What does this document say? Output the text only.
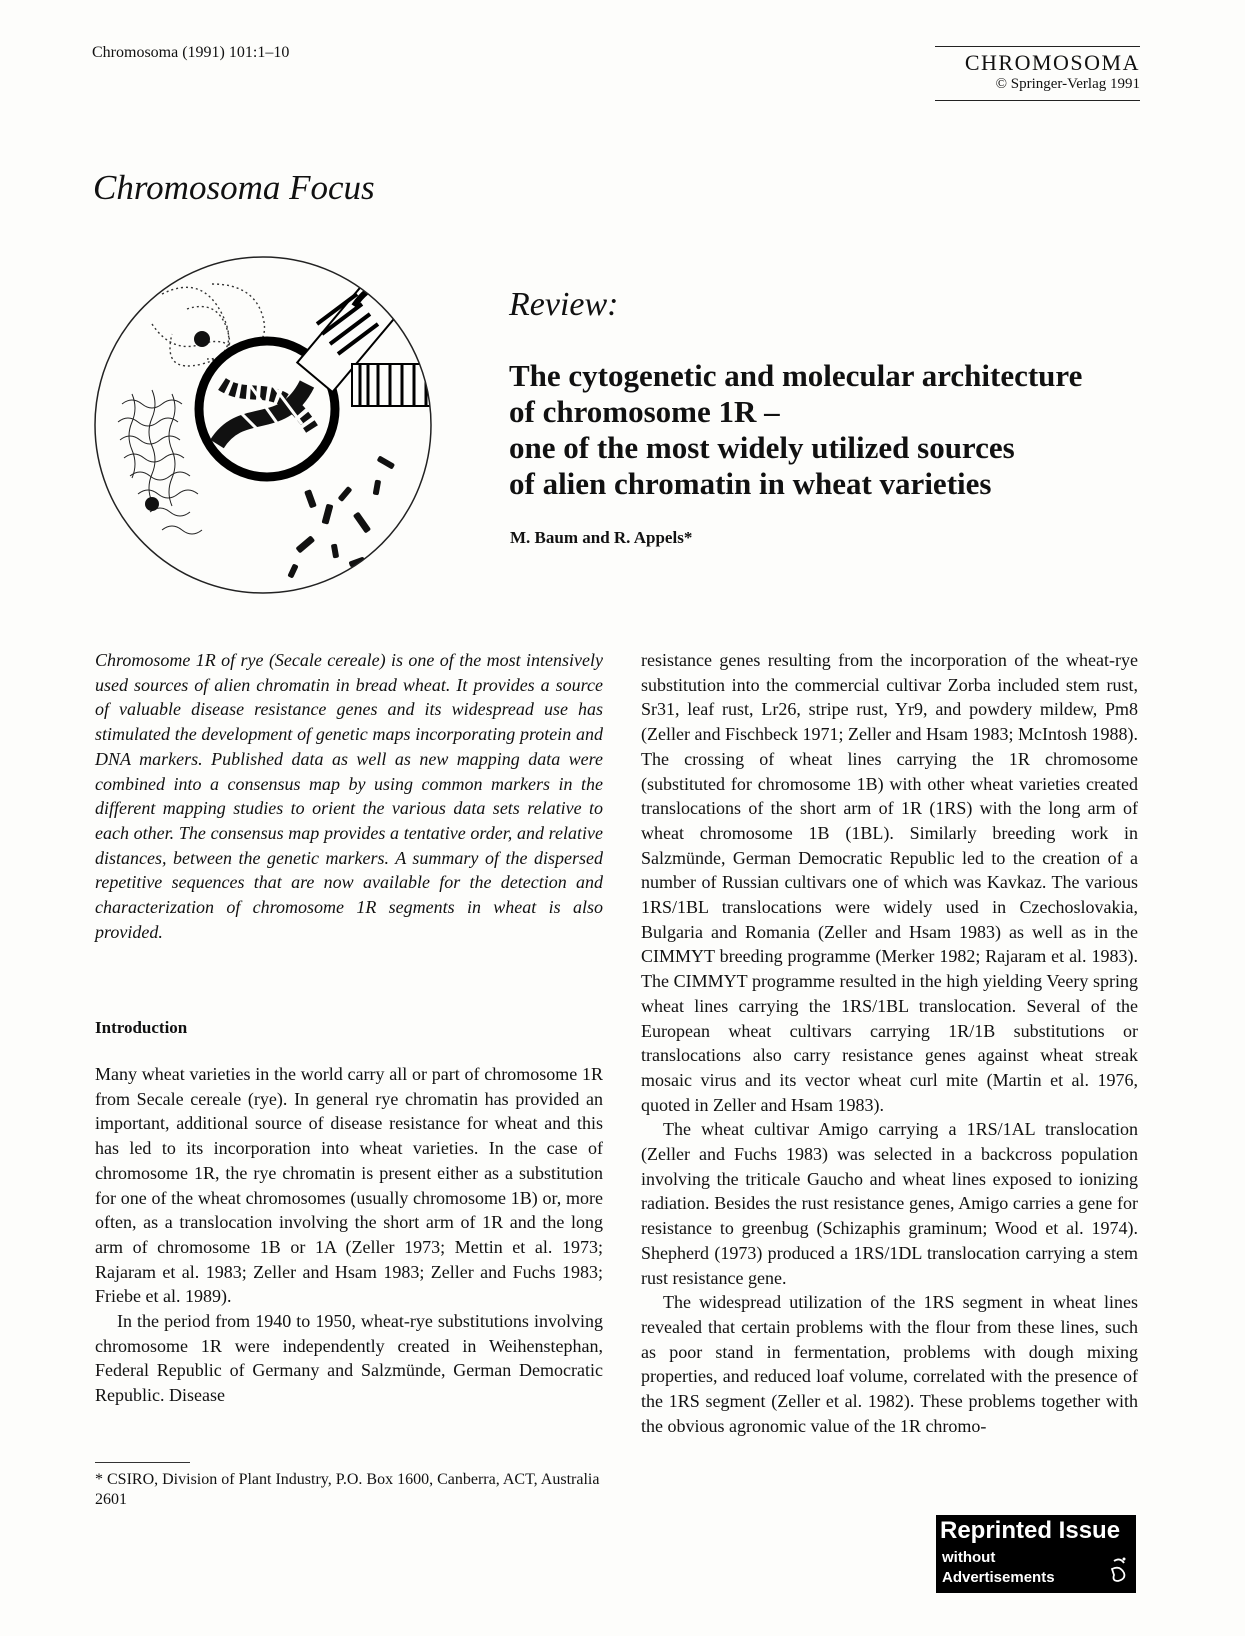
Chromosoma (1991) 101:1–10	CHROMOSOMA
© Springer-Verlag 1991
Chromosoma Focus
Review:
The cytogenetic and molecular architecture
of chromosome 1R –
one of the most widely utilized sources
of alien chromatin in wheat varieties
M. Baum and R. Appels*

Chromosome 1R of rye (Secale cereale) is one of the most intensively used sources of alien chromatin in bread wheat. It provides a source of valuable disease resistance genes and its widespread use has stimulated the development of genetic maps incorporating protein and DNA markers. Published data as well as new mapping data were combined into a consensus map by using common markers in the different mapping studies to orient the various data sets relative to each other. The consensus map provides a tentative order, and relative distances, between the genetic markers. A summary of the dispersed repetitive sequences that are now available for the detection and characterization of chromosome 1R segments in wheat is also provided.

Introduction

Many wheat varieties in the world carry all or part of chromosome 1R from Secale cereale (rye). In general rye chromatin has provided an important, additional source of disease resistance for wheat and this has led to its incorporation into wheat varieties. In the case of chromosome 1R, the rye chromatin is present either as a substitution for one of the wheat chromosomes (usually chromosome 1B) or, more often, as a translocation involving the short arm of 1R and the long arm of chromosome 1B or 1A (Zeller 1973; Mettin et al. 1973; Rajaram et al. 1983; Zeller and Hsam 1983; Zeller and Fuchs 1983; Friebe et al. 1989).

In the period from 1940 to 1950, wheat-rye substitutions involving chromosome 1R were independently created in Weihenstephan, Federal Republic of Germany and Salzmünde, German Democratic Republic. Disease

* CSIRO, Division of Plant Industry, P.O. Box 1600, Canberra, ACT, Australia 2601

resistance genes resulting from the incorporation of the wheat-rye substitution into the commercial cultivar Zorba included stem rust, Sr31, leaf rust, Lr26, stripe rust, Yr9, and powdery mildew, Pm8 (Zeller and Fischbeck 1971; Zeller and Hsam 1983; McIntosh 1988). The crossing of wheat lines carrying the 1R chromosome (substituted for chromosome 1B) with other wheat varieties created translocations of the short arm of 1R (1RS) with the long arm of wheat chromosome 1B (1BL). Similarly breeding work in Salzmünde, German Democratic Republic led to the creation of a number of Russian cultivars one of which was Kavkaz. The various 1RS/1BL translocations were widely used in Czechoslovakia, Bulgaria and Romania (Zeller and Hsam 1983) as well as in the CIMMYT breeding programme (Merker 1982; Rajaram et al. 1983). The CIMMYT programme resulted in the high yielding Veery spring wheat lines carrying the 1RS/1BL translocation. Several of the European wheat cultivars carrying 1R/1B substitutions or translocations also carry resistance genes against wheat streak mosaic virus and its vector wheat curl mite (Martin et al. 1976, quoted in Zeller and Hsam 1983).

The wheat cultivar Amigo carrying a 1RS/1AL translocation (Zeller and Fuchs 1983) was selected in a backcross population involving the triticale Gaucho and wheat lines exposed to ionizing radiation. Besides the rust resistance genes, Amigo carries a gene for resistance to greenbug (Schizaphis graminum; Wood et al. 1974). Shepherd (1973) produced a 1RS/1DL translocation carrying a stem rust resistance gene.

The widespread utilization of the 1RS segment in wheat lines revealed that certain problems with the flour from these lines, such as poor stand in fermentation, problems with dough mixing properties, and reduced loaf volume, correlated with the presence of the 1RS segment (Zeller et al. 1982). These problems together with the obvious agronomic value of the 1R chromo-

Reprinted Issue
without
Advertisements
